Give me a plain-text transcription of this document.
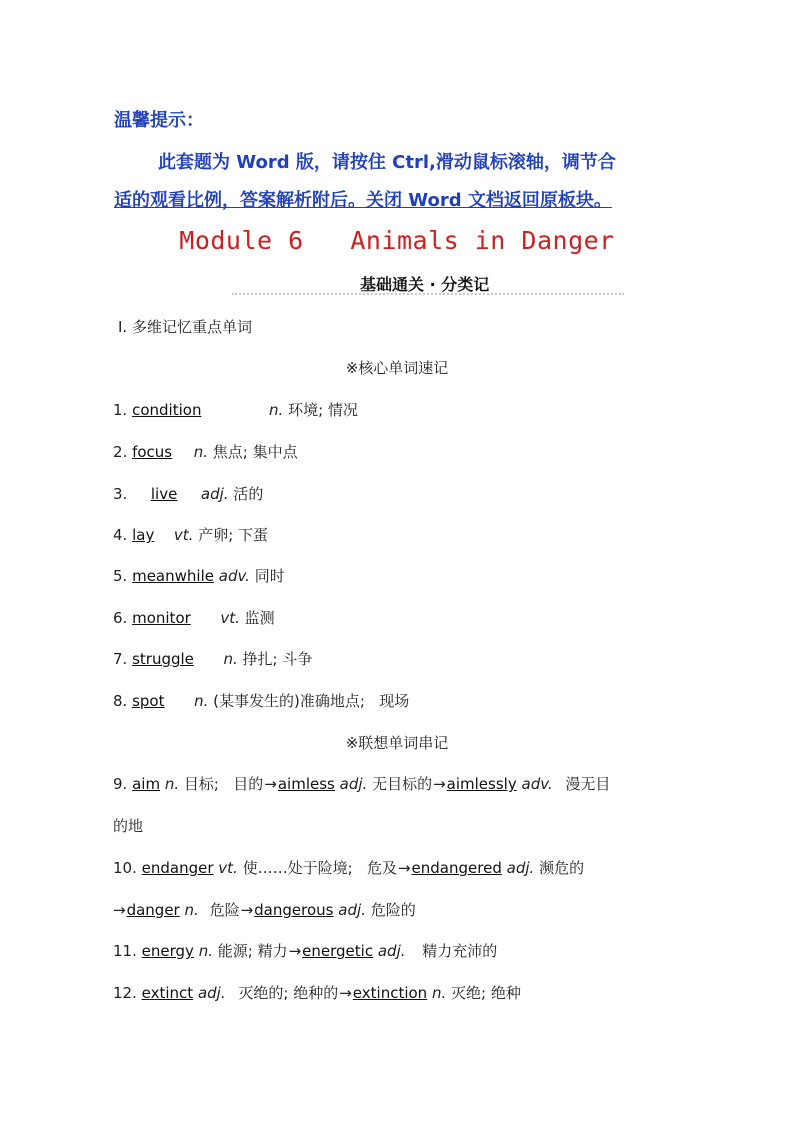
温馨提示：
此套题为 Word 版，请按住 Ctrl,滑动鼠标滚轴，调节合
适的观看比例，答案解析附后。关闭 Word 文档返回原板块。
Module 6   Animals in Danger
基础通关 · 分类记
Ⅰ. 多维记忆重点单词
※核心单词速记
1. condition	n. 环境; 情况
2. focus n. 焦点; 集中点
3. live adj. 活的
4. lay vt. 产卵; 下蛋
5. meanwhile adv. 同时
6. monitor vt. 监测
7. struggle n. 挣扎; 斗争
8. spot n. (某事发生的)准确地点;   现场
※联想单词串记
9. aim n. 目标;   目的→aimless adj. 无目标的→aimlessly adv. 漫无目
的地
10. endanger vt. 使……处于险境;   危及→endangered adj. 濒危的
→danger n. 危险→dangerous adj. 危险的
11. energy n. 能源; 精力→energetic adj. 精力充沛的
12. extinct adj. 灭绝的; 绝种的→extinction n. 灭绝; 绝种
